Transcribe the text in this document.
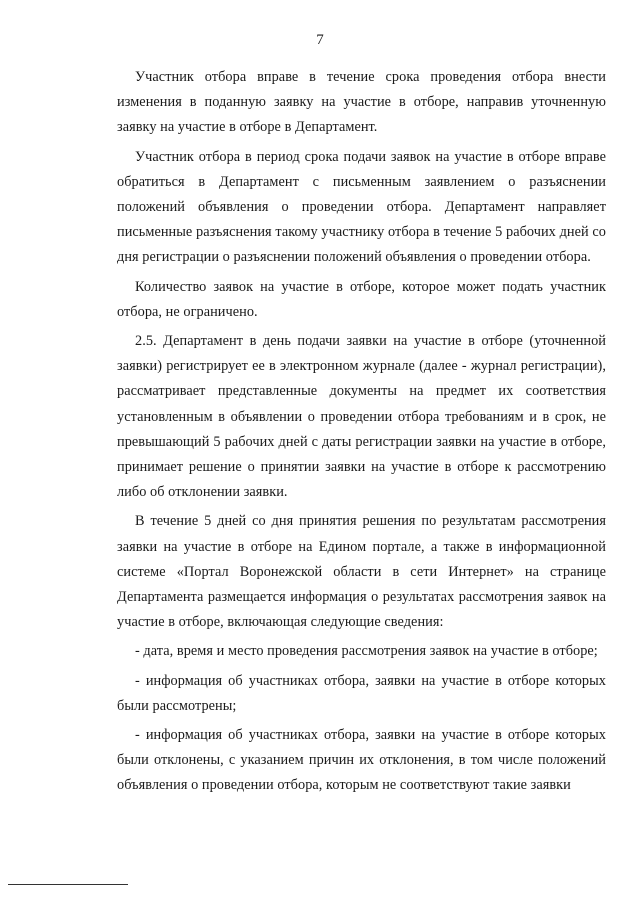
7

Участник отбора вправе в течение срока проведения отбора внести изменения в поданную заявку на участие в отборе, направив уточненную заявку на участие в отборе в Департамент.

Участник отбора в период срока подачи заявок на участие в отборе вправе обратиться в Департамент с письменным заявлением о разъяснении положений объявления о проведении отбора. Департамент направляет письменные разъяснения такому участнику отбора в течение 5 рабочих дней со дня регистрации о разъяснении положений объявления о проведении отбора.

Количество заявок на участие в отборе, которое может подать участник отбора, не ограничено.

2.5. Департамент в день подачи заявки на участие в отборе (уточненной заявки) регистрирует ее в электронном журнале (далее - журнал регистрации), рассматривает представленные документы на предмет их соответствия установленным в объявлении о проведении отбора требованиям и в срок, не превышающий 5 рабочих дней с даты регистрации заявки на участие в отборе, принимает решение о принятии заявки на участие в отборе к рассмотрению либо об отклонении заявки.

В течение 5 дней со дня принятия решения по результатам рассмотрения заявки на участие в отборе на Едином портале, а также в информационной системе «Портал Воронежской области в сети Интернет» на странице Департамента размещается информация о результатах рассмотрения заявок на участие в отборе, включающая следующие сведения:

- дата, время и место проведения рассмотрения заявок на участие в отборе;

- информация об участниках отбора, заявки на участие в отборе которых были рассмотрены;

- информация об участниках отбора, заявки на участие в отборе которых были отклонены, с указанием причин их отклонения, в том числе положений объявления о проведении отбора, которым не соответствуют такие заявки
